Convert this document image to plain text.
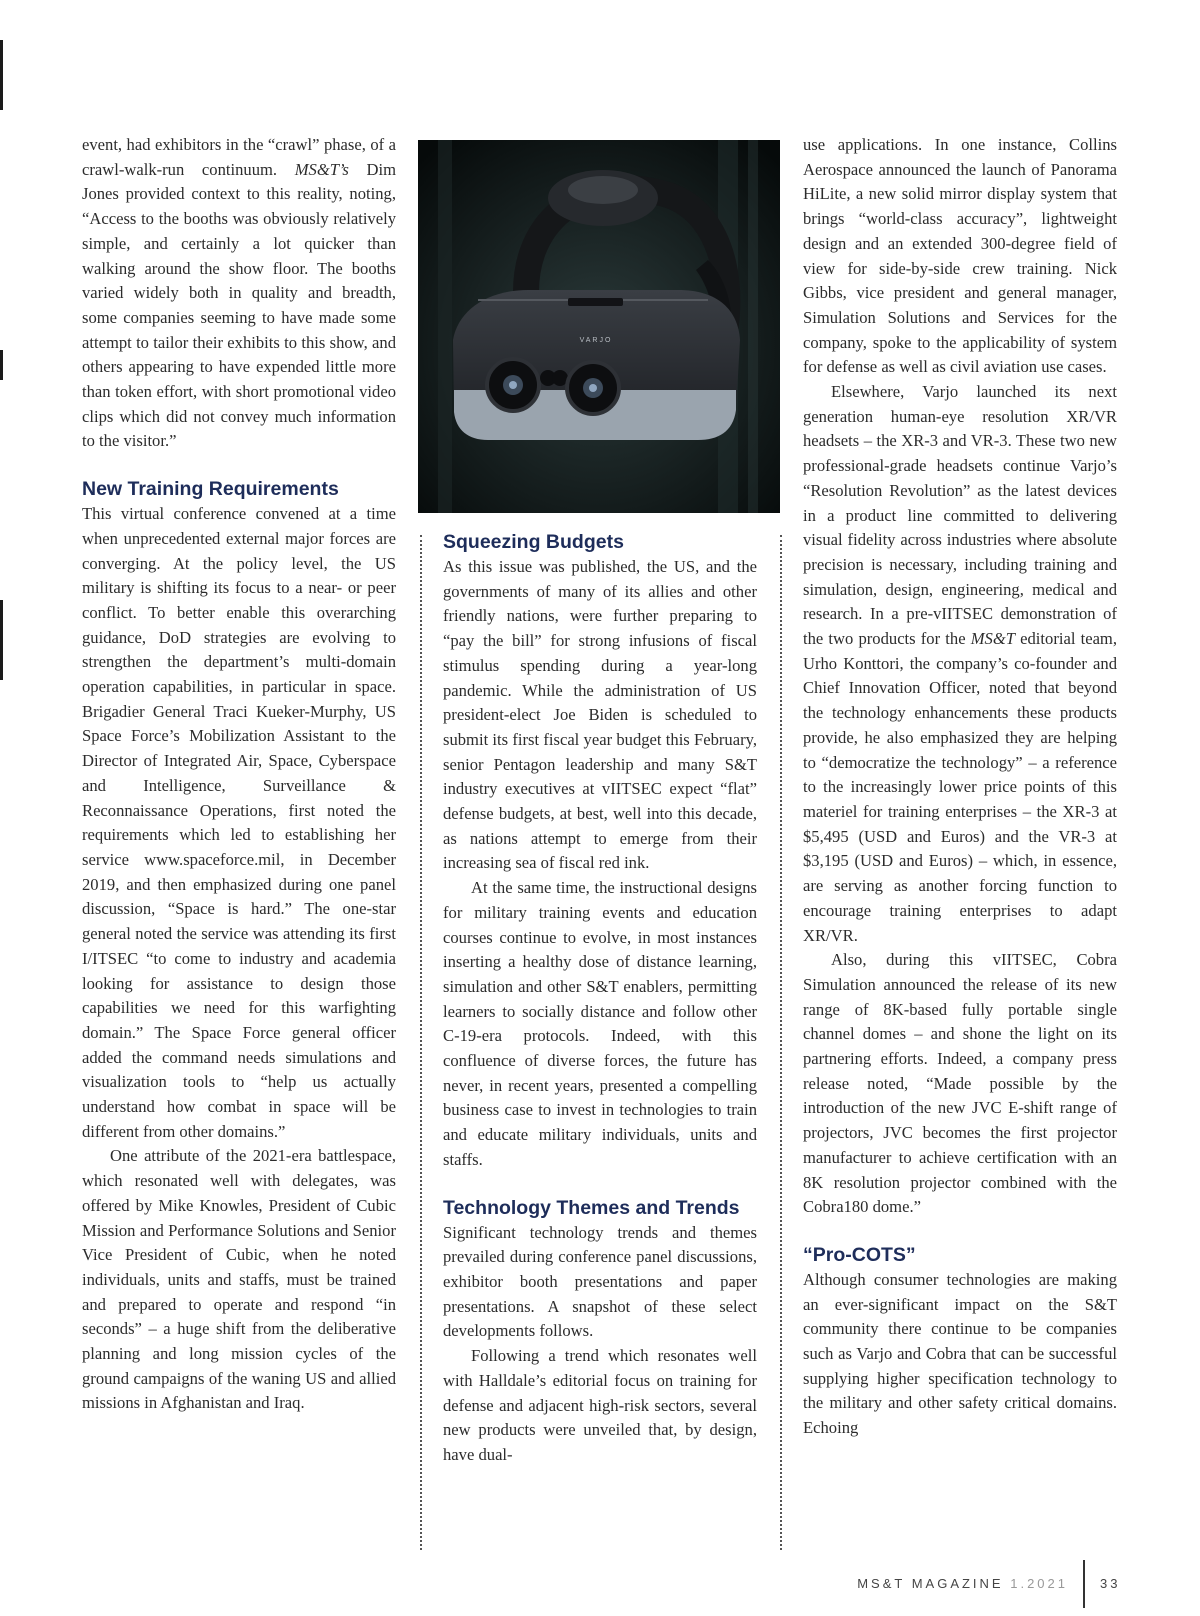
event, had exhibitors in the “crawl” phase, of a crawl-walk-run continuum. MS&T’s Dim Jones provided context to this reality, noting, “Access to the booths was obviously relatively simple, and certainly a lot quicker than walking around the show floor. The booths varied widely both in quality and breadth, some companies seeming to have made some attempt to tailor their exhibits to this show, and others appearing to have expended little more than token effort, with short promotional video clips which did not convey much information to the visitor.”

New Training Requirements

This virtual conference convened at a time when unprecedented external major forces are converging. At the policy level, the US military is shifting its focus to a near- or peer conflict. To better enable this overarching guidance, DoD strategies are evolving to strengthen the department’s multi-domain operation capabilities, in particular in space. Brigadier General Traci Kueker-Murphy, US Space Force’s Mobilization Assistant to the Director of Integrated Air, Space, Cyberspace and Intelligence, Surveillance & Reconnaissance Operations, first noted the requirements which led to establishing her service www.spaceforce.mil, in December 2019, and then emphasized during one panel discussion, “Space is hard.” The one-star general noted the service was attending its first I/ITSEC “to come to industry and academia looking for assistance to design those capabilities we need for this warfighting domain.” The Space Force general officer added the command needs simulations and visualization tools to “help us actually understand how combat in space will be different from other domains.”

One attribute of the 2021-era battlespace, which resonated well with delegates, was offered by Mike Knowles, President of Cubic Mission and Performance Solutions and Senior Vice President of Cubic, when he noted individuals, units and staffs, must be trained and prepared to operate and respond “in seconds” – a huge shift from the deliberative planning and long mission cycles of the ground campaigns of the waning US and allied missions in Afghanistan and Iraq.

VARJO
Squeezing Budgets

As this issue was published, the US, and the governments of many of its allies and other friendly nations, were further preparing to “pay the bill” for strong infusions of fiscal stimulus spending during a year-long pandemic. While the administration of US president-elect Joe Biden is scheduled to submit its first fiscal year budget this February, senior Pentagon leadership and many S&T industry executives at vIITSEC expect “flat” defense budgets, at best, well into this decade, as nations attempt to emerge from their increasing sea of fiscal red ink.

At the same time, the instructional designs for military training events and education courses continue to evolve, in most instances inserting a healthy dose of distance learning, simulation and other S&T enablers, permitting learners to socially distance and follow other C-19-era protocols. Indeed, with this confluence of diverse forces, the future has never, in recent years, presented a compelling business case to invest in technologies to train and educate military individuals, units and staffs.

Technology Themes and Trends

Significant technology trends and themes prevailed during conference panel discussions, exhibitor booth presentations and paper presentations. A snapshot of these select developments follows.

Following a trend which resonates well with Halldale’s editorial focus on training for defense and adjacent high-risk sectors, several new products were unveiled that, by design, have dual-

use applications. In one instance, Collins Aerospace announced the launch of Panorama HiLite, a new solid mirror display system that brings “world-class accuracy”, lightweight design and an extended 300-degree field of view for side-by-side crew training. Nick Gibbs, vice president and general manager, Simulation Solutions and Services for the company, spoke to the applicability of system for defense as well as civil aviation use cases.

Elsewhere, Varjo launched its next generation human-eye resolution XR/VR headsets – the XR-3 and VR-3. These two new professional-grade headsets continue Varjo’s “Resolution Revolution” as the latest devices in a product line committed to delivering visual fidelity across industries where absolute precision is necessary, including training and simulation, design, engineering, medical and research. In a pre-vIITSEC demonstration of the two products for the MS&T editorial team, Urho Konttori, the company’s co-founder and Chief Innovation Officer, noted that beyond the technology enhancements these products provide, he also emphasized they are helping to “democratize the technology” – a reference to the increasingly lower price points of this materiel for training enterprises – the XR-3 at $5,495 (USD and Euros) and the VR-3 at $3,195 (USD and Euros) – which, in essence, are serving as another forcing function to encourage training enterprises to adapt XR/VR.

Also, during this vIITSEC, Cobra Simulation announced the release of its new range of 8K-based fully portable single channel domes – and shone the light on its partnering efforts. Indeed, a company press release noted, “Made possible by the introduction of the new JVC E-shift range of projectors, JVC becomes the first projector manufacturer to achieve certification with an 8K resolution projector combined with the Cobra180 dome.”

“Pro-COTS”

Although consumer technologies are making an ever-significant impact on the S&T community there continue to be companies such as Varjo and Cobra that can be successful supplying higher specification technology to the military and other safety critical domains. Echoing

MS&T MAGAZINE 1.2021 33
